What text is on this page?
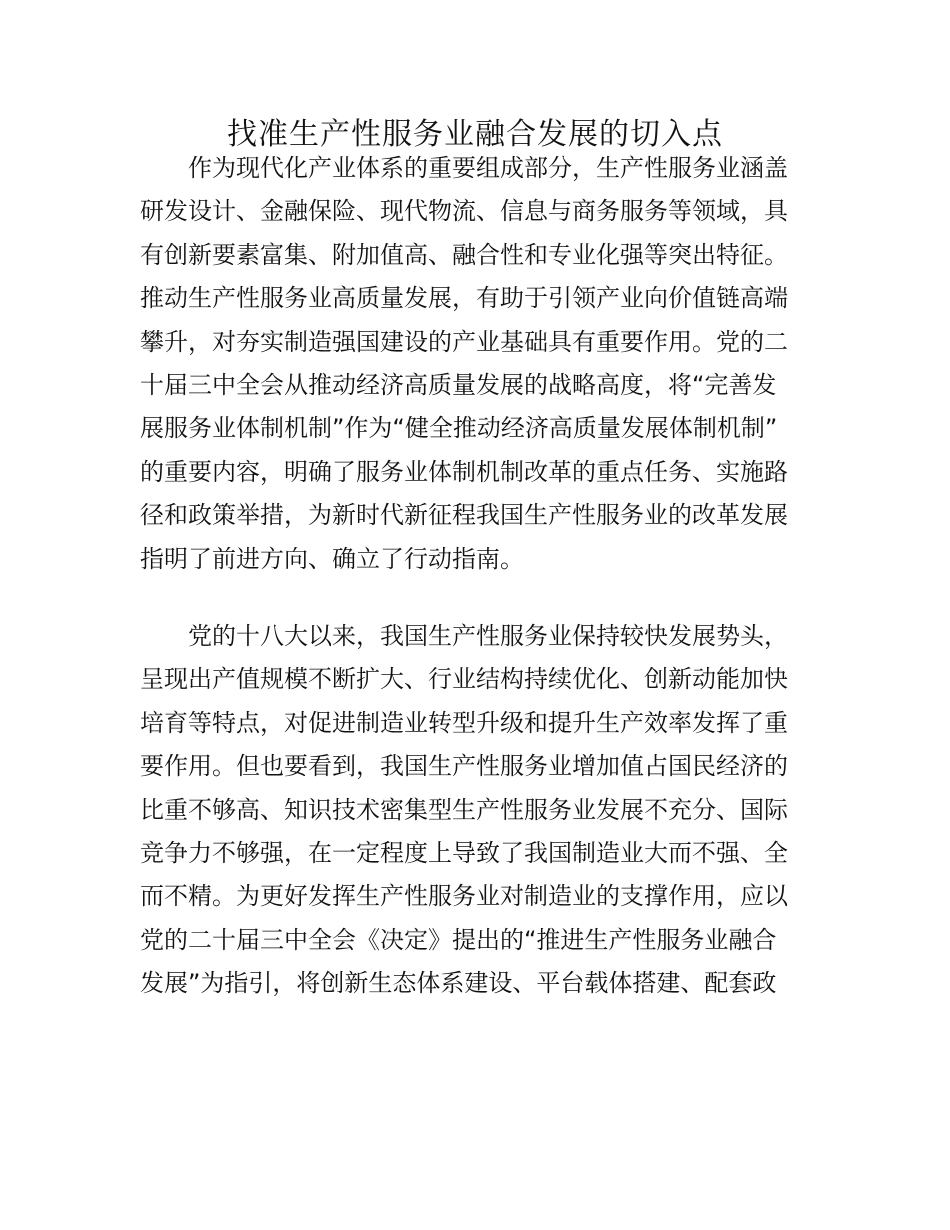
找准生产性服务业融合发展的切入点
作为现代化产业体系的重要组成部分，生产性服务业涵盖
研发设计、金融保险、现代物流、信息与商务服务等领域，具
有创新要素富集、附加值高、融合性和专业化强等突出特征。
推动生产性服务业高质量发展，有助于引领产业向价值链高端
攀升，对夯实制造强国建设的产业基础具有重要作用。党的二
十届三中全会从推动经济高质量发展的战略高度，将“完善发
展服务业体制机制”作为“健全推动经济高质量发展体制机制”
的重要内容，明确了服务业体制机制改革的重点任务、实施路
径和政策举措，为新时代新征程我国生产性服务业的改革发展
指明了前进方向、确立了行动指南。
党的十八大以来，我国生产性服务业保持较快发展势头，
呈现出产值规模不断扩大、行业结构持续优化、创新动能加快
培育等特点，对促进制造业转型升级和提升生产效率发挥了重
要作用。但也要看到，我国生产性服务业增加值占国民经济的
比重不够高、知识技术密集型生产性服务业发展不充分、国际
竞争力不够强，在一定程度上导致了我国制造业大而不强、全
而不精。为更好发挥生产性服务业对制造业的支撑作用，应以
党的二十届三中全会《决定》提出的“推进生产性服务业融合
发展”为指引，将创新生态体系建设、平台载体搭建、配套政
